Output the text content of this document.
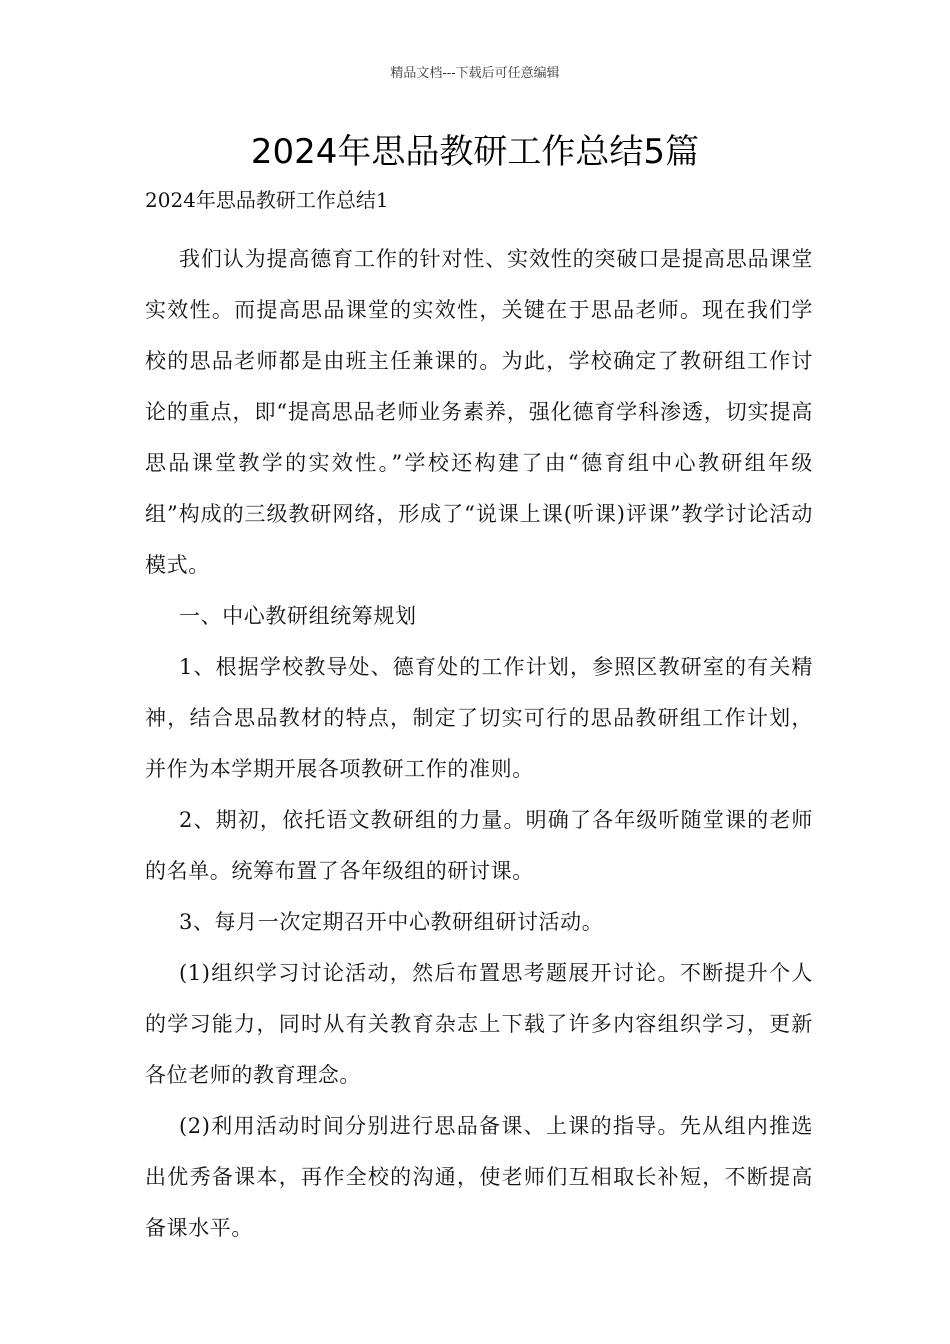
精品文档---下载后可任意编辑
2024年思品教研工作总结5篇
2024年思品教研工作总结1

我们认为提高德育工作的针对性、实效性的突破口是提高思品课堂实效性。而提高思品课堂的实效性，关键在于思品老师。现在我们学校的思品老师都是由班主任兼课的。为此，学校确定了教研组工作讨论的重点，即“提高思品老师业务素养，强化德育学科渗透，切实提高思品课堂教学的实效性。”学校还构建了由“德育组中心教研组年级组”构成的三级教研网络，形成了“说课上课(听课)评课”教学讨论活动模式。

一、中心教研组统筹规划

1、根据学校教导处、德育处的工作计划，参照区教研室的有关精神，结合思品教材的特点，制定了切实可行的思品教研组工作计划，并作为本学期开展各项教研工作的准则。

2、期初，依托语文教研组的力量。明确了各年级听随堂课的老师的名单。统筹布置了各年级组的研讨课。

3、每月一次定期召开中心教研组研讨活动。

(1)组织学习讨论活动，然后布置思考题展开讨论。不断提升个人的学习能力，同时从有关教育杂志上下载了许多内容组织学习，更新各位老师的教育理念。

(2)利用活动时间分别进行思品备课、上课的指导。先从组内推选出优秀备课本，再作全校的沟通，使老师们互相取长补短，不断提高备课水平。
